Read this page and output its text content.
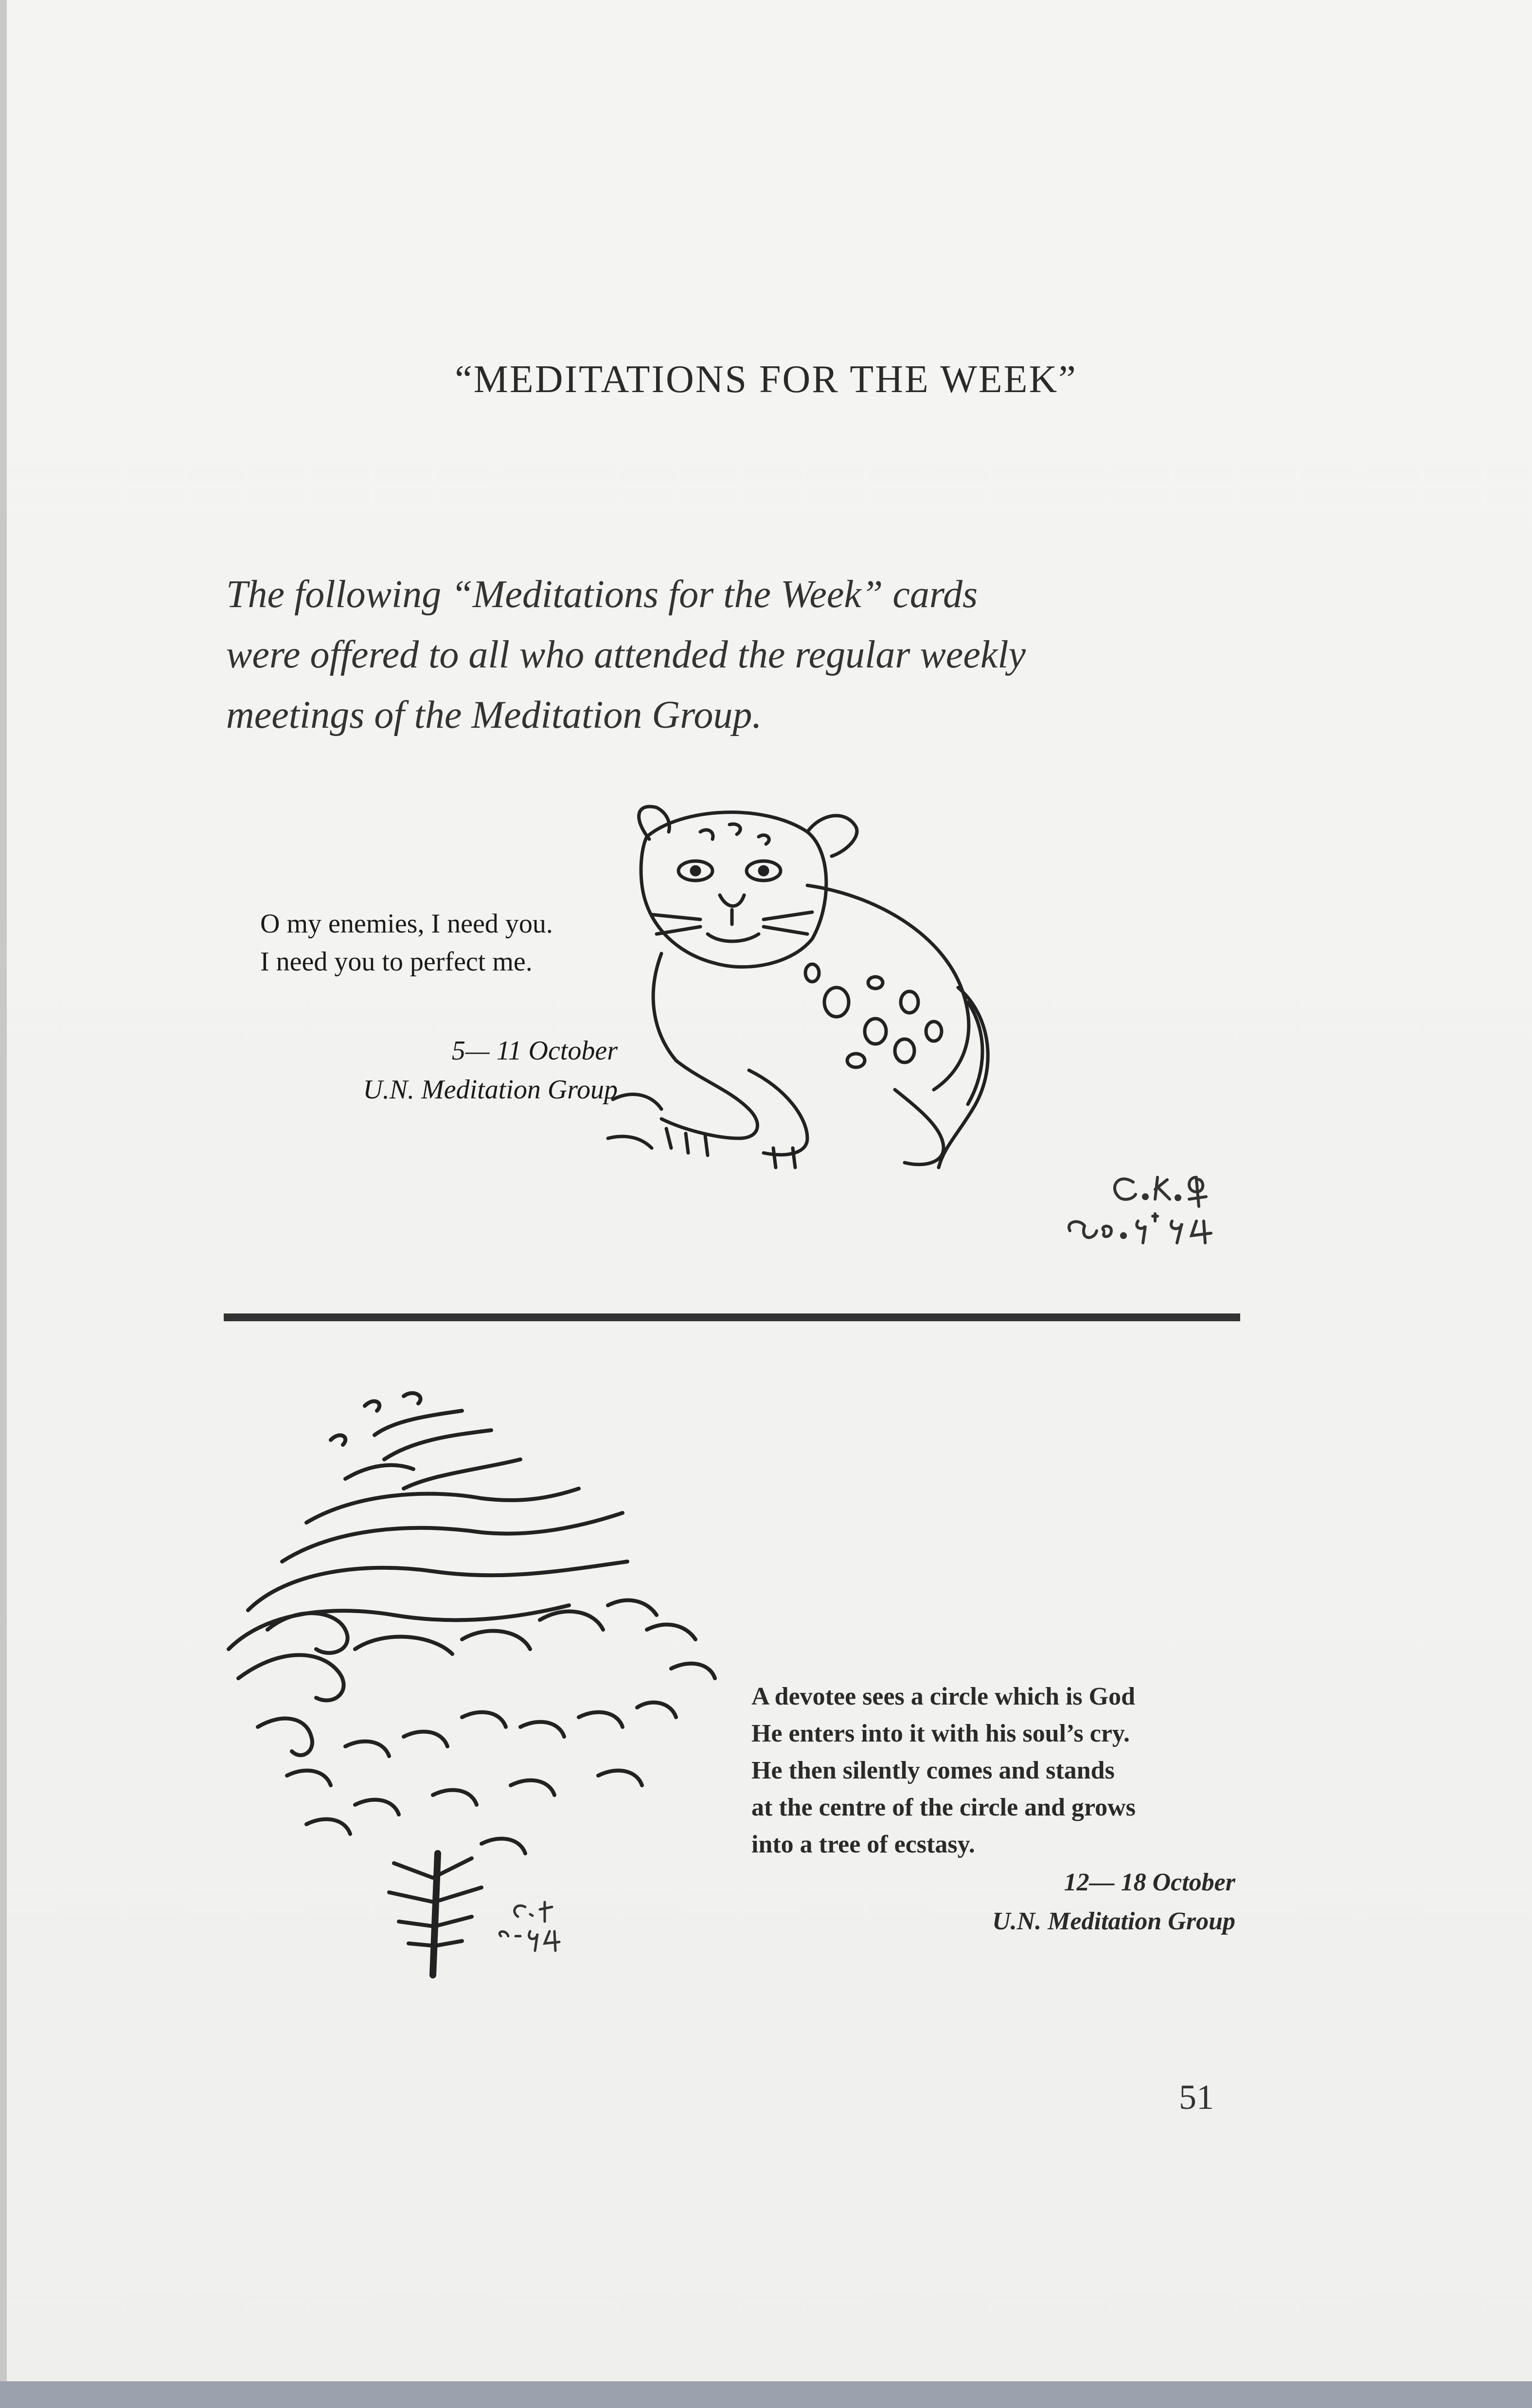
“MEDITATIONS FOR THE WEEK”
The following “Meditations for the Week” cards
were offered to all who attended the regular weekly
meetings of the Meditation Group.
O my enemies, I need you.
I need you to perfect me.
5— 11 October
U.N. Meditation Group
A devotee sees a circle which is God
He enters into it with his soul’s cry.
He then silently comes and stands
at the centre of the circle and grows
into a tree of ecstasy.
12— 18 October
U.N. Meditation Group
51
